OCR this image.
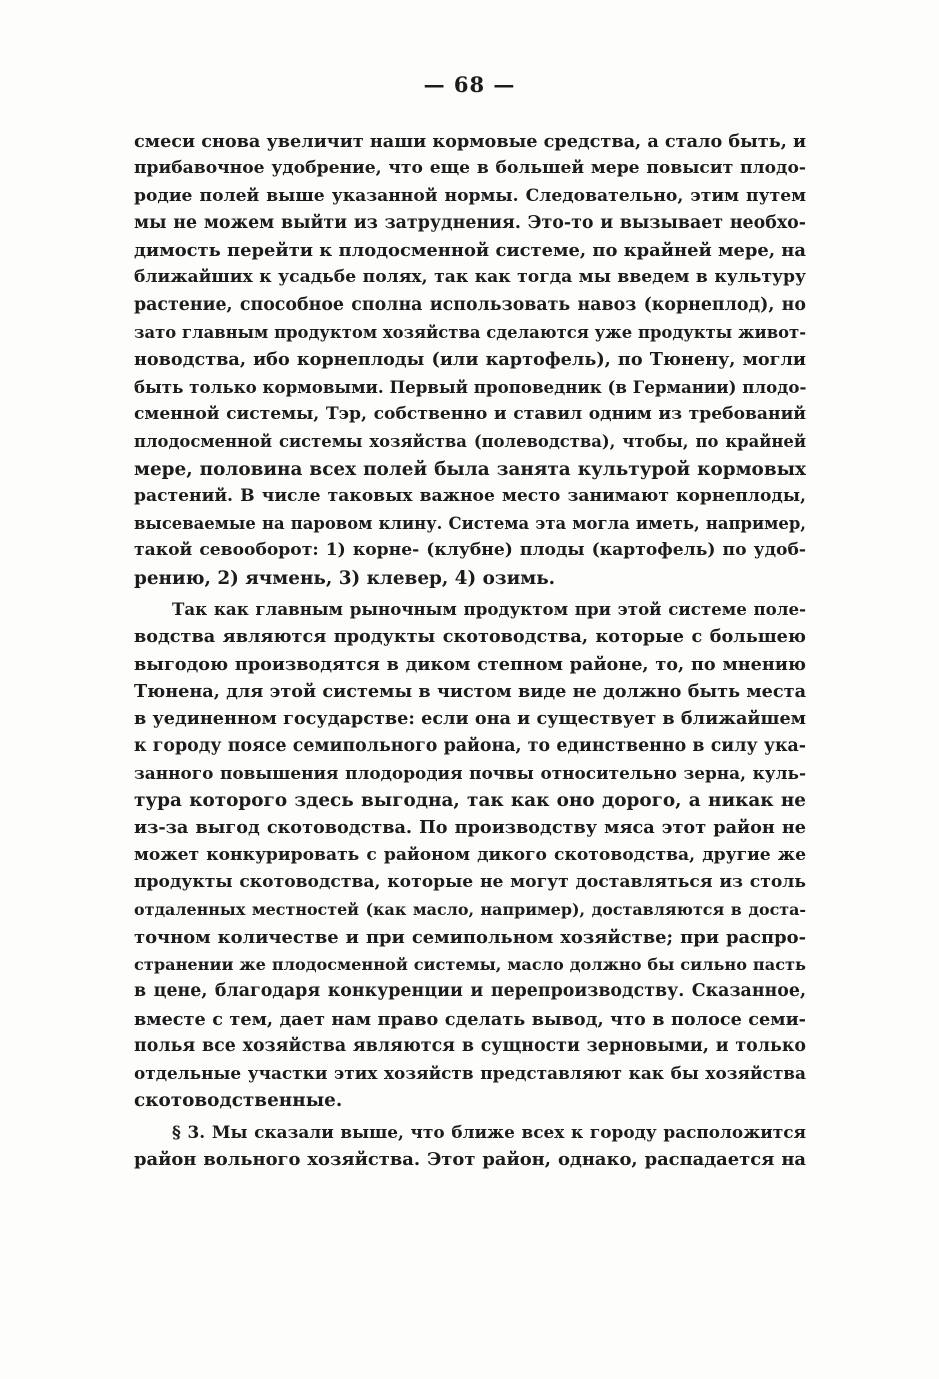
— 68 —
смеси снова увеличит наши кормовые средства, а стало быть, и
прибавочное удобрение, что еще в большей мере повысит плодо-
родие полей выше указанной нормы. Следовательно, этим путем
мы не можем выйти из затруднения. Это-то и вызывает необхо-
димость перейти к плодосменной системе, по крайней мере, на
ближайших к усадьбе полях, так как тогда мы введем в культуру
растение, способное сполна использовать навоз (корнеплод), но
зато главным продуктом хозяйства сделаются уже продукты живот-
новодства, ибо корнеплоды (или картофель), по Тюнену, могли
быть только кормовыми. Первый проповедник (в Германии) плодо-
сменной системы, Тэр, собственно и ставил одним из требований
плодосменной системы хозяйства (полеводства), чтобы, по крайней
мере, половина всех полей была занята культурой кормовых
растений. В числе таковых важное место занимают корнеплоды,
высеваемые на паровом клину. Система эта могла иметь, например,
такой севооборот: 1) корне- (клубне) плоды (картофель) по удоб-
рению, 2) ячмень, 3) клевер, 4) озимь.
Так как главным рыночным продуктом при этой системе поле-
водства являются продукты скотоводства, которые с большею
выгодою производятся в диком степном районе, то, по мнению
Тюнена, для этой системы в чистом виде не должно быть места
в уединенном государстве: если она и существует в ближайшем
к городу поясе семипольного района, то единственно в силу ука-
занного повышения плодородия почвы относительно зерна, куль-
тура которого здесь выгодна, так как оно дорого, а никак не
из-за выгод скотоводства. По производству мяса этот район не
может конкурировать с районом дикого скотоводства, другие же
продукты скотоводства, которые не могут доставляться из столь
отдаленных местностей (как масло, например), доставляются в доста-
точном количестве и при семипольном хозяйстве; при распро-
странении же плодосменной системы, масло должно бы сильно пасть
в цене, благодаря конкуренции и перепроизводству. Сказанное,
вместе с тем, дает нам право сделать вывод, что в полосе семи-
полья все хозяйства являются в сущности зерновыми, и только
отдельные участки этих хозяйств представляют как бы хозяйства
скотоводственные.
§ 3. Мы сказали выше, что ближе всех к городу расположится
район вольного хозяйства. Этот район, однако, распадается на
